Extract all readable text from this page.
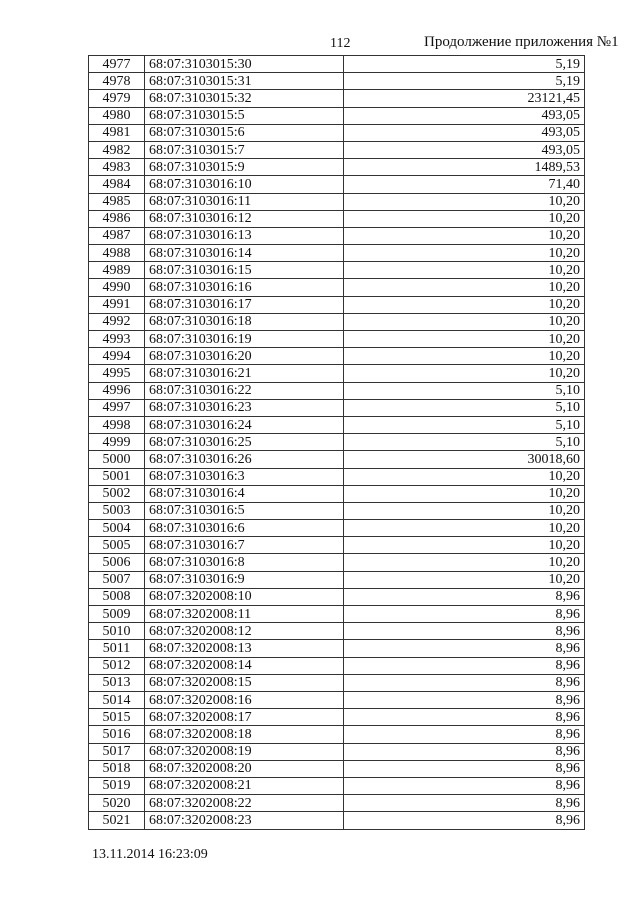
112	Продолжение приложения №1
4977	68:07:3103015:30	5,19
4978	68:07:3103015:31	5,19
4979	68:07:3103015:32	23121,45
4980	68:07:3103015:5	493,05
4981	68:07:3103015:6	493,05
4982	68:07:3103015:7	493,05
4983	68:07:3103015:9	1489,53
4984	68:07:3103016:10	71,40
4985	68:07:3103016:11	10,20
4986	68:07:3103016:12	10,20
4987	68:07:3103016:13	10,20
4988	68:07:3103016:14	10,20
4989	68:07:3103016:15	10,20
4990	68:07:3103016:16	10,20
4991	68:07:3103016:17	10,20
4992	68:07:3103016:18	10,20
4993	68:07:3103016:19	10,20
4994	68:07:3103016:20	10,20
4995	68:07:3103016:21	10,20
4996	68:07:3103016:22	5,10
4997	68:07:3103016:23	5,10
4998	68:07:3103016:24	5,10
4999	68:07:3103016:25	5,10
5000	68:07:3103016:26	30018,60
5001	68:07:3103016:3	10,20
5002	68:07:3103016:4	10,20
5003	68:07:3103016:5	10,20
5004	68:07:3103016:6	10,20
5005	68:07:3103016:7	10,20
5006	68:07:3103016:8	10,20
5007	68:07:3103016:9	10,20
5008	68:07:3202008:10	8,96
5009	68:07:3202008:11	8,96
5010	68:07:3202008:12	8,96
5011	68:07:3202008:13	8,96
5012	68:07:3202008:14	8,96
5013	68:07:3202008:15	8,96
5014	68:07:3202008:16	8,96
5015	68:07:3202008:17	8,96
5016	68:07:3202008:18	8,96
5017	68:07:3202008:19	8,96
5018	68:07:3202008:20	8,96
5019	68:07:3202008:21	8,96
5020	68:07:3202008:22	8,96
5021	68:07:3202008:23	8,96
13.11.2014 16:23:09
